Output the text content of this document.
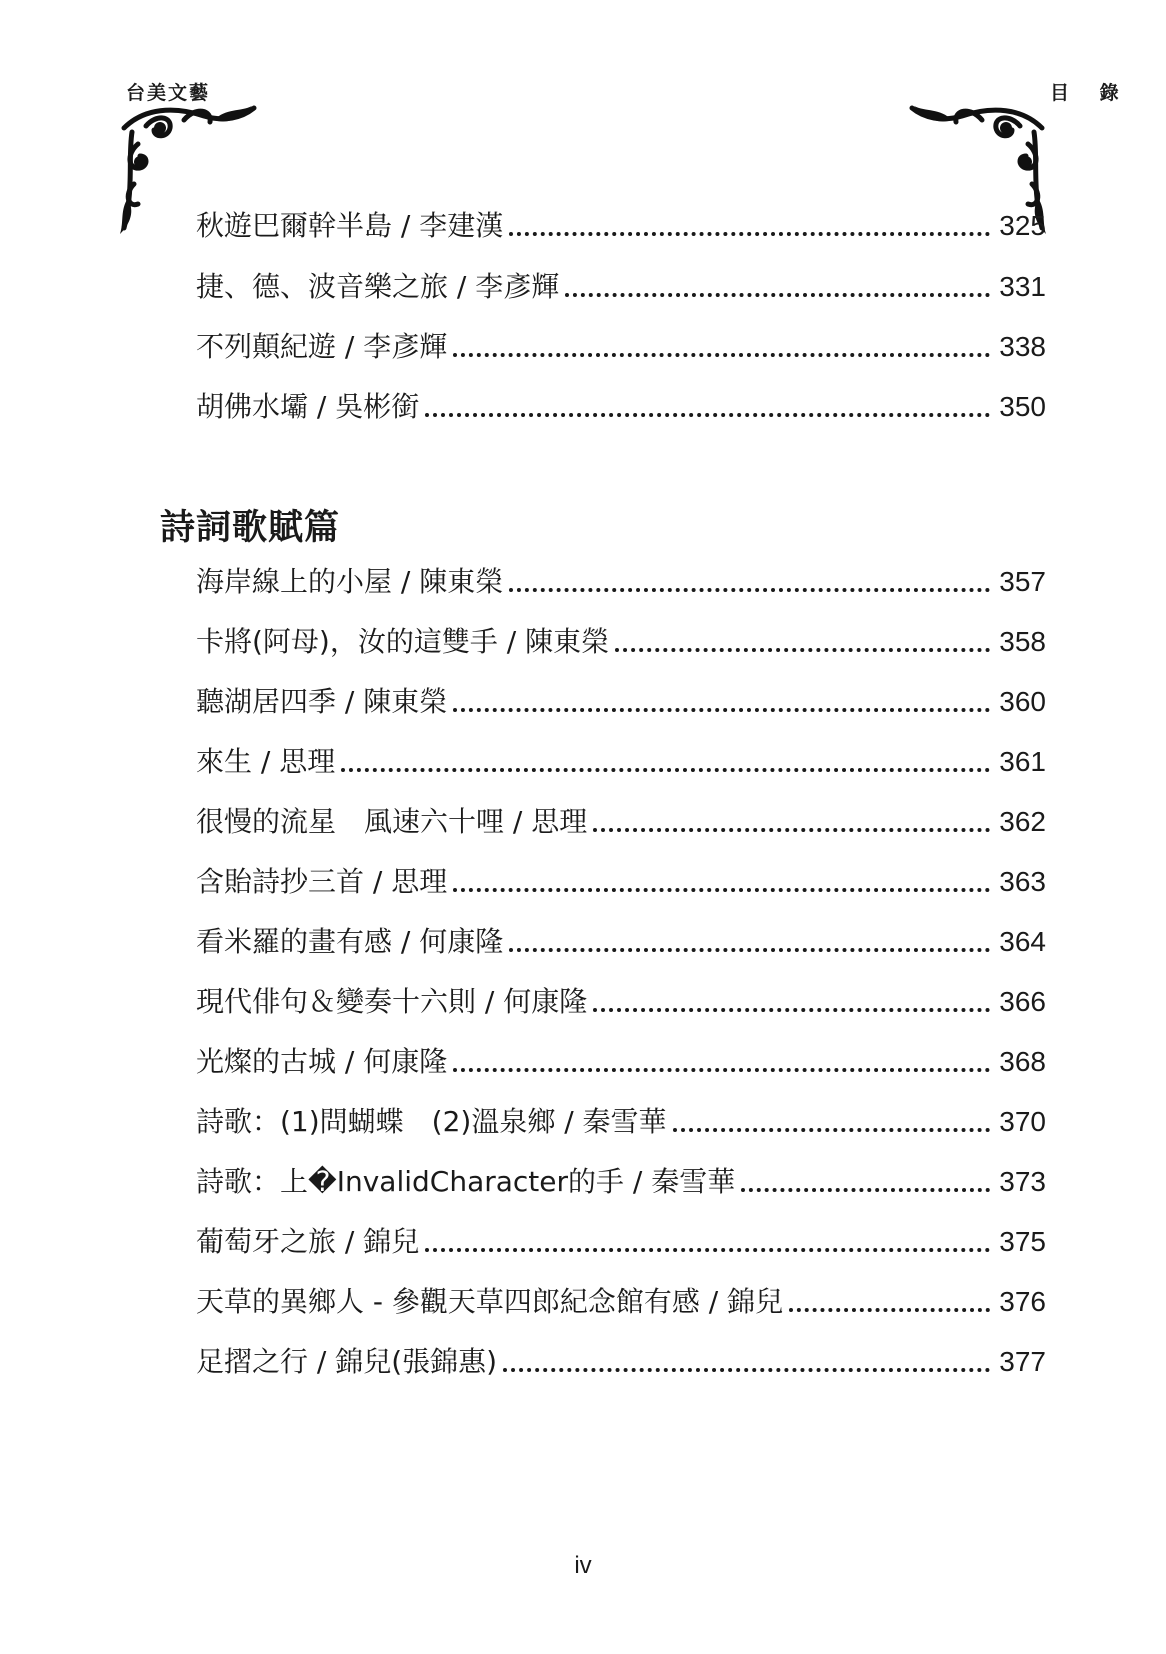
台美文藝	目 錄
秋遊巴爾幹半島 / 李建漢	325
捷、德、波音樂之旅 / 李彥輝	331
不列顛紀遊 / 李彥輝	338
胡佛水壩 / 吳彬銜	350
詩詞歌賦篇
海岸線上的小屋 / 陳東榮	357
卡將(阿母)，汝的這雙手 / 陳東榮	358
聽湖居四季 / 陳東榮	360
來生 / 思理	361
很慢的流星　風速六十哩 / 思理	362
含貽詩抄三首 / 思理	363
看米羅的畫有感 / 何康隆	364
現代俳句＆變奏十六則 / 何康隆	366
光燦的古城 / 何康隆	368
詩歌：(1)問蝴蝶　(2)溫泉鄉 / 秦雪華	370
詩歌：上�InvalidCharacter的手 / 秦雪華	373
葡萄牙之旅 / 錦兒	375
天草的異鄉人 - 參觀天草四郎紀念館有感 / 錦兒	376
足摺之行 / 錦兒(張錦惠)	377
iv
